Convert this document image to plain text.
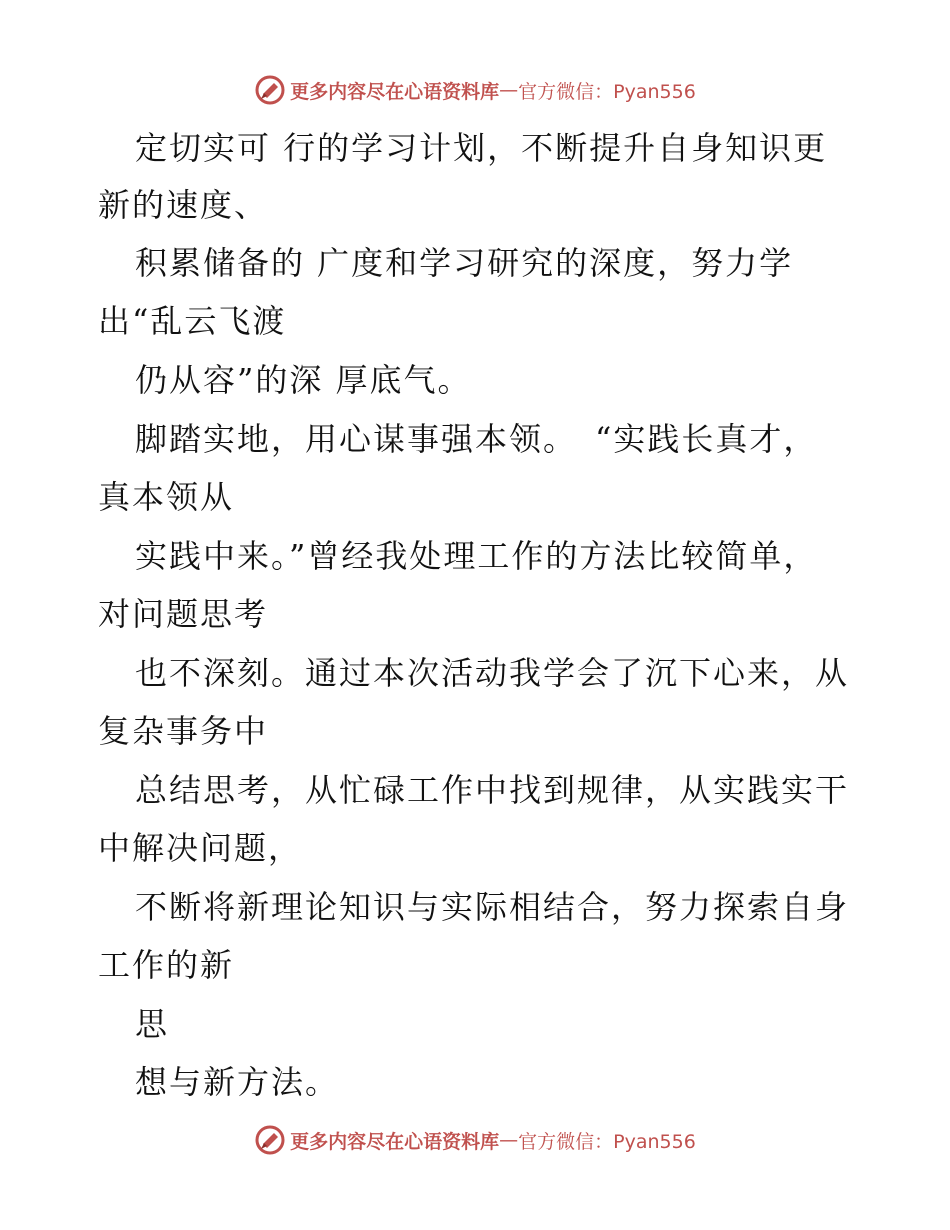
更多内容尽在心语资料库 — 官方微信：Pyan556
定切实可 行的学习计划，不断提升自身知识更
新的速度、
积累储备的 广度和学习研究的深度，努力学
出“乱云飞渡
仍从容”的深 厚底气。
脚踏实地，用心谋事强本领。　“实践长真才，
真本领从
实践中来。”曾经我处理工作的方法比较简单，
对问题思考
也不深刻。通过本次活动我学会了沉下心来，从
复杂事务中
总结思考，从忙碌工作中找到规律，从实践实干
中解决问题，
不断将新理论知识与实际相结合，努力探索自身
工作的新
思
想与新方法。
更多内容尽在心语资料库 — 官方微信：Pyan556
